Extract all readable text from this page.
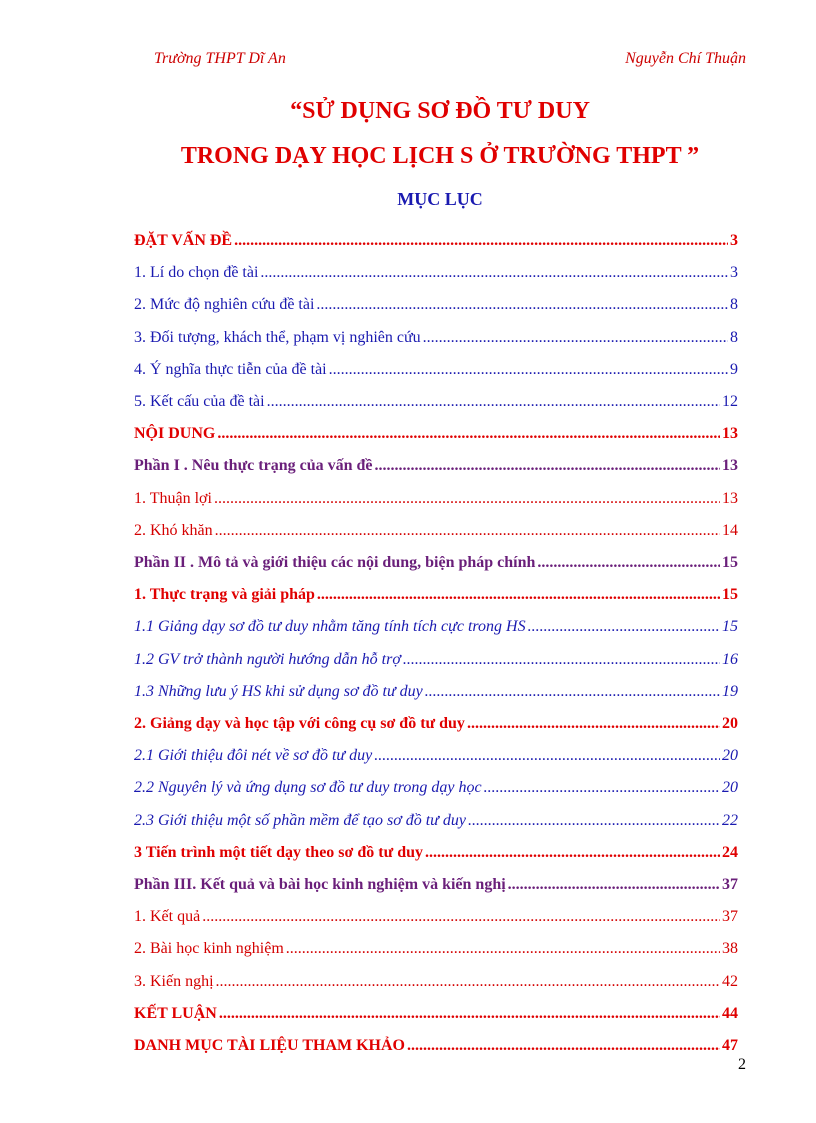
Trường THPT Dĩ An	Nguyễn Chí Thuận
“SỬ DỤNG SƠ ĐỒ TƯ DUY
TRONG DẠY HỌC LỊCH S Ở TRƯỜNG THPT ”
MỤC LỤC
ĐẶT VẤN ĐỀ .....	3
1. Lí do chọn đề tài .....	3
2. Mức độ nghiên cứu đề tài .....	8
3. Đối tượng, khách thể, phạm vị nghiên cứu .....	8
4. Ý nghĩa thực tiễn của đề tài .....	9
5. Kết cấu của đề tài .....	12
NỘI DUNG .....	13
Phần I . Nêu thực trạng của vấn đề .....	13
1. Thuận lợi .....	13
2. Khó khăn .....	14
Phần II . Mô tả và giới thiệu các nội dung, biện pháp chính .....	15
1. Thực trạng và giải pháp .....	15
1.1 Giảng dạy sơ đồ tư duy nhằm tăng tính tích cực trong HS .....	15
1.2 GV trở thành người hướng dẫn hỗ trợ .....	16
1.3 Những lưu ý HS khi sử dụng sơ đồ tư duy .....	19
2. Giảng dạy và học tập với công cụ sơ đồ tư duy .....	20
2.1 Giới thiệu đôi nét về sơ đồ tư duy .....	20
2.2 Nguyên lý và ứng dụng sơ đồ tư duy trong dạy học .....	20
2.3 Giới thiệu một số phần mềm để tạo sơ đồ tư duy .....	22
3 Tiến trình một tiết dạy theo sơ đồ tư duy .....	24
Phần III. Kết quả và bài học kinh nghiệm và kiến nghị .....	37
1. Kết quả .....	37
2. Bài học kinh nghiệm .....	38
3. Kiến nghị .....	42
KẾT LUẬN .....	44
DANH MỤC TÀI LIỆU THAM KHẢO .....	47
2
